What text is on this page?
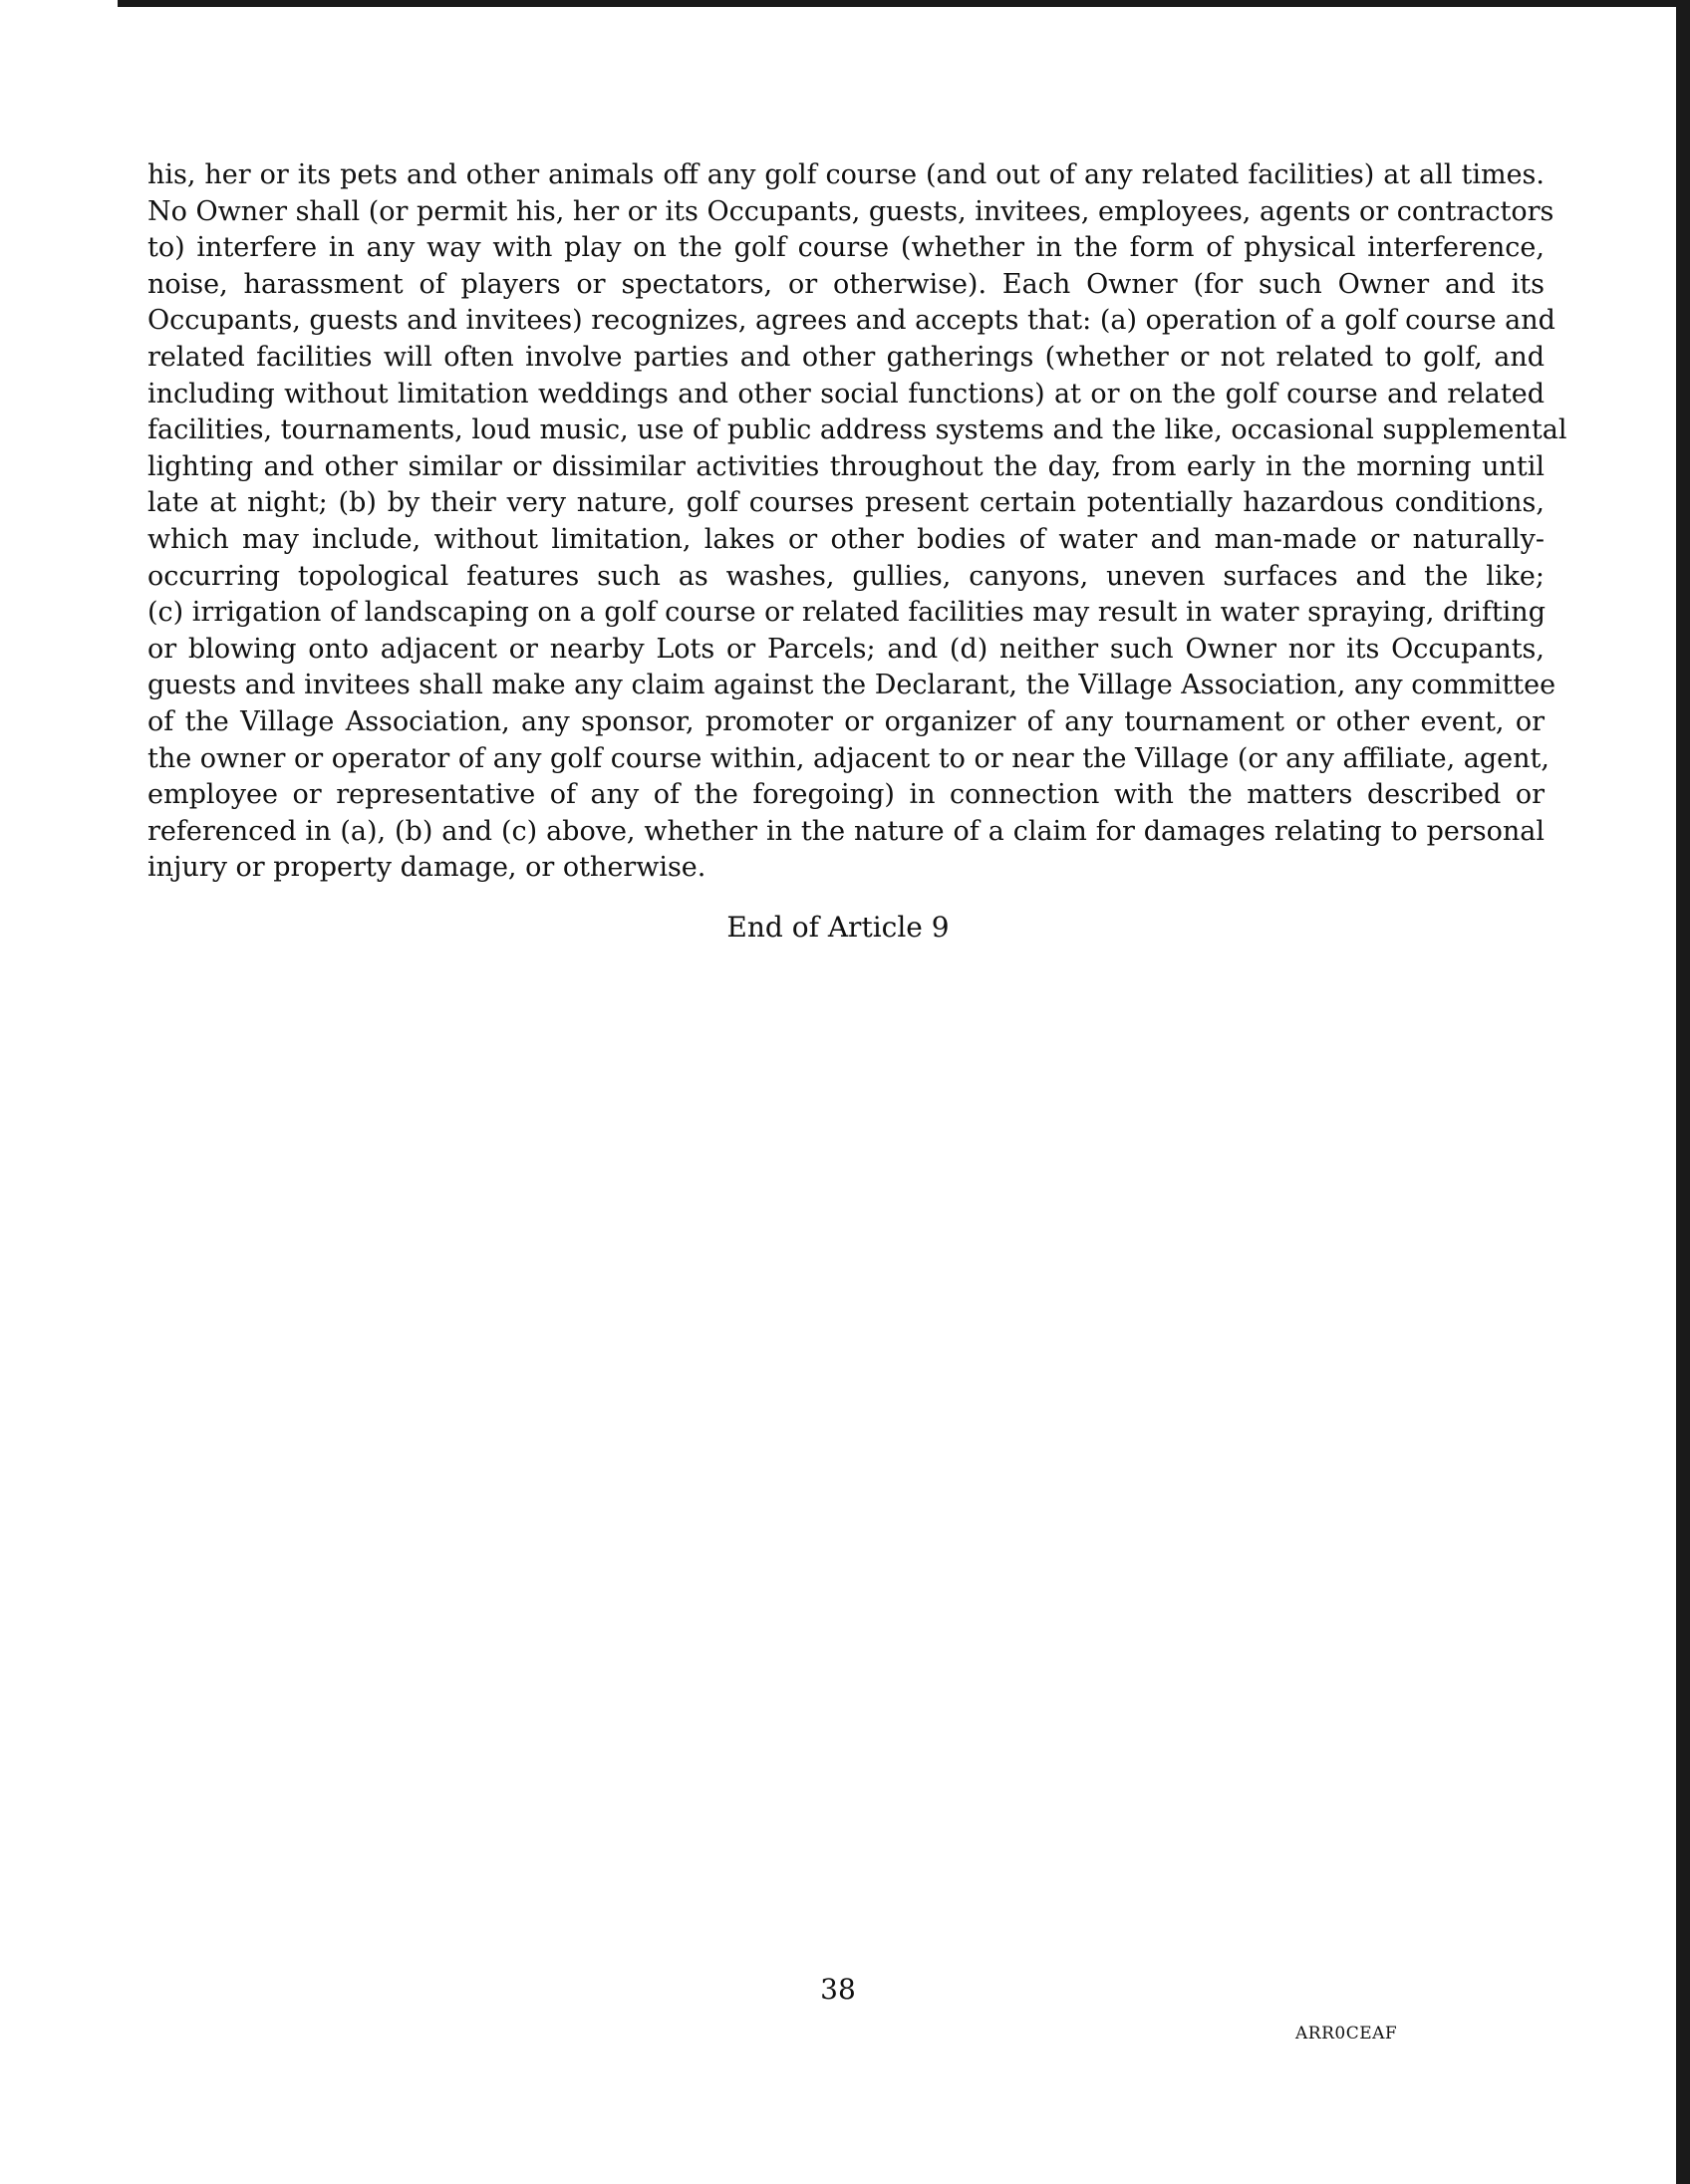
his, her or its pets and other animals off any golf course (and out of any related facilities) at all times.
No Owner shall (or permit his, her or its Occupants, guests, invitees, employees, agents or contractors
to) interfere in any way with play on the golf course (whether in the form of physical interference,
noise, harassment of players or spectators, or otherwise). Each Owner (for such Owner and its
Occupants, guests and invitees) recognizes, agrees and accepts that: (a) operation of a golf course and
related facilities will often involve parties and other gatherings (whether or not related to golf, and
including without limitation weddings and other social functions) at or on the golf course and related
facilities, tournaments, loud music, use of public address systems and the like, occasional supplemental
lighting and other similar or dissimilar activities throughout the day, from early in the morning until
late at night; (b) by their very nature, golf courses present certain potentially hazardous conditions,
which may include, without limitation, lakes or other bodies of water and man-made or naturally-
occurring topological features such as washes, gullies, canyons, uneven surfaces and the like;
(c) irrigation of landscaping on a golf course or related facilities may result in water spraying, drifting
or blowing onto adjacent or nearby Lots or Parcels; and (d) neither such Owner nor its Occupants,
guests and invitees shall make any claim against the Declarant, the Village Association, any committee
of the Village Association, any sponsor, promoter or organizer of any tournament or other event, or
the owner or operator of any golf course within, adjacent to or near the Village (or any affiliate, agent,
employee or representative of any of the foregoing) in connection with the matters described or
referenced in (a), (b) and (c) above, whether in the nature of a claim for damages relating to personal
injury or property damage, or otherwise.

End of Article 9

38

ARR0CEAF
